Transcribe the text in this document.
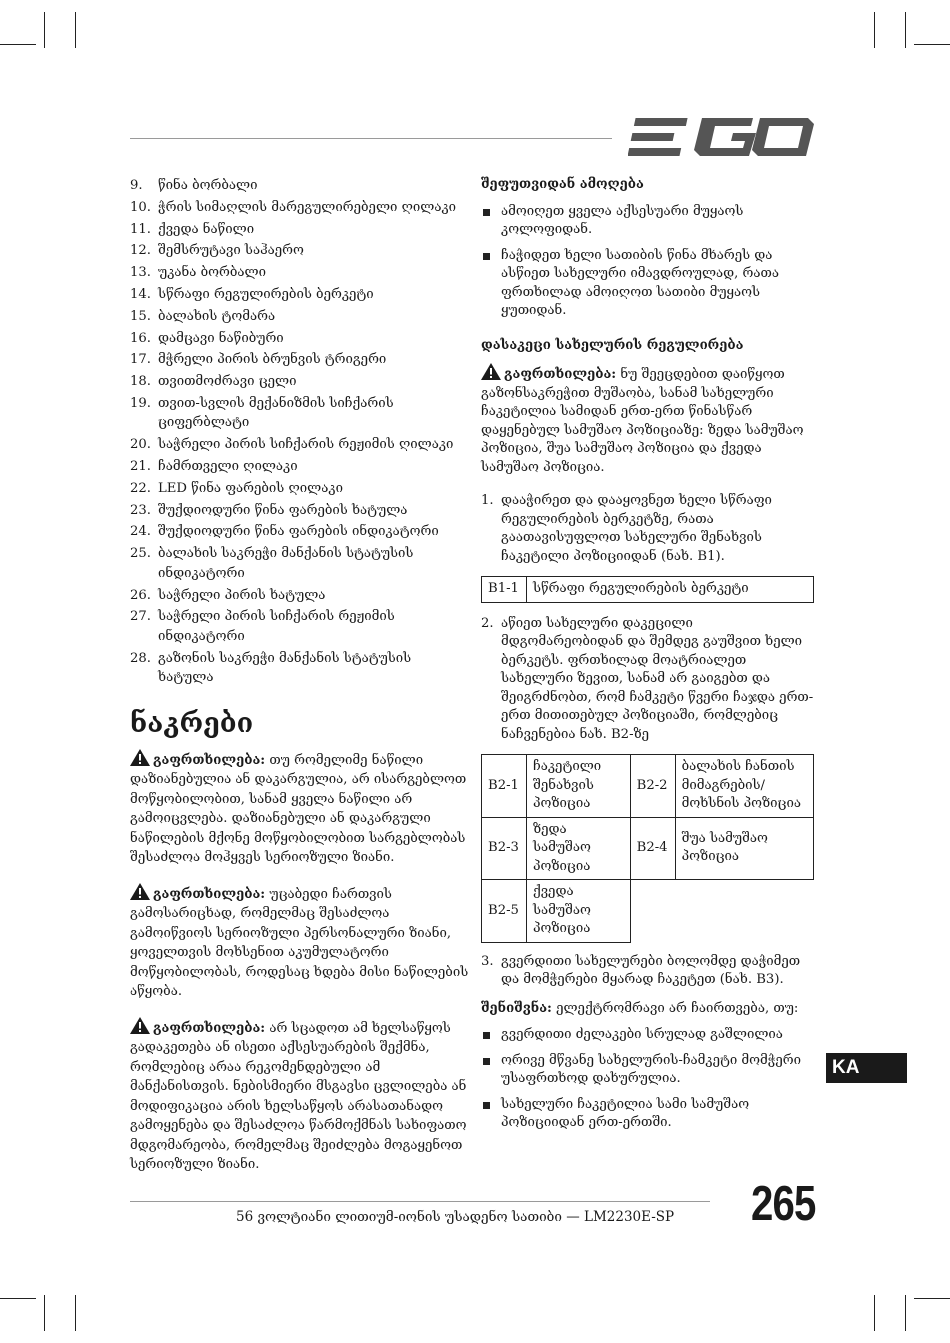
9.	წინა ბორბალი
10. ჭრის სიმაღლის მარეგულირებელი ღილაკი
11. ქვედა ნაწილი
12. შემსრუტავი საჰაერო
13. უკანა ბორბალი
14. სწრაფი რეგულირების ბერკეტი
15. ბალახის ტომარა
16. დამცავი ნაწიბური
17. მჭრელი პირის ბრუნვის ტრიგერი
18. თვითმოძრავი ცელი
19. თვით-სვლის მექანიზმის სიჩქარის ციფერბლატი
20. საჭრელი პირის სიჩქარის რეჟიმის ღილაკი
21. ჩამრთველი ღილაკი
22. LED წინა ფარების ღილაკი
23. შუქდიოდური წინა ფარების ხატულა
24. შუქდიოდური წინა ფარების ინდიკატორი
25. ბალახის საკრეჭი მანქანის სტატუსის ინდიკატორი
26. საჭრელი პირის ხატულა
27. საჭრელი პირის სიჩქარის რეჟიმის ინდიკატორი
28. გაზონის საკრეჭი მანქანის სტატუსის ხატულა
ნაკრები
გაფრთხილება: თუ რომელიმე ნაწილი დაზიანებულია ან დაკარგულია, არ ისარგებლოთ მოწყობილობით, სანამ ყველა ნაწილი არ გამოიცვლება. დაზიანებული ან დაკარგული ნაწილების მქონე მოწყობილობით სარგებლობას შესაძლოა მოჰყვეს სერიოზული ზიანი.
გაფრთხილება: უცაბედი ჩართვის გამოსარიცხად, რომელმაც შესაძლოა გამოიწვიოს სერიოზული პერსონალური ზიანი, ყოველთვის მოხსენით აკუმულატორი მოწყობილობას, როდესაც ხდება მისი ნაწილების აწყობა.
გაფრთხილება: არ სცადოთ ამ ხელსაწყოს გადაკეთება ან ისეთი აქსესუარების შექმნა, რომლებიც არაა რეკომენდებული ამ მანქანისთვის. ნებისმიერი მსგავსი ცვლილება ან მოდიფიკაცია არის ხელსაწყოს არასათანადო გამოყენება და შესაძლოა წარმოქმნას სახიფათო მდგომარეობა, რომელმაც შეიძლება მოგაყენოთ სერიოზული ზიანი.
შეფუთვიდან ამოღება
ამოიღეთ ყველა აქსესუარი მუყაოს კოლოფიდან.
ჩაჭიდეთ ხელი სათიბის წინა მხარეს და ასწიეთ სახელური იმავდროულად, რათა ფრთხილად ამოიღოთ სათიბი მუყაოს ყუთიდან.
დასაკეცი სახელურის რეგულირება
გაფრთხილება: ნუ შეეცდებით დაიწყოთ გაზონსაკრეჭით მუშაობა, სანამ სახელური ჩაკეტილია სამიდან ერთ-ერთ წინასწარ დაყენებულ სამუშაო პოზიციაზე: ზედა სამუშაო პოზიცია, შუა სამუშაო პოზიცია და ქვედა სამუშაო პოზიცია.
1. დააჭირეთ და დააყოვნეთ ხელი სწრაფი რეგულირების ბერკეტზე, რათა გაათავისუფლოთ სახელური შენახვის ჩაკეტილი პოზიციიდან (ნახ. B1).
B1-1	სწრაფი რეგულირების ბერკეტი
2. აწიეთ სახელური დაკეცილი მდგომარეობიდან და შემდეგ გაუშვით ხელი ბერკეტს. ფრთხილად მოატრიალეთ სახელური ზევით, სანამ არ გაიგებთ და შეიგრძნობთ, რომ ჩამკეტი წვერი ჩაჯდა ერთ-ერთ მითითებულ პოზიციაში, რომლებიც ნაჩვენებია ნახ. B2-ზე
B2-1	ჩაკეტილი შენახვის პოზიცია	B2-2	ბალახის ჩანთის მიმაგრების/მოხსნის პოზიცია
B2-3	ზედა სამუშაო პოზიცია	B2-4	შუა სამუშაო პოზიცია
B2-5	ქვედა სამუშაო პოზიცია		
3. გვერდითი სახელურები ბოლომდე დაჭიმეთ და მომჭერები მყარად ჩაკეტეთ (ნახ. B3).
შენიშვნა: ელექტრომრავი არ ჩაირთვება, თუ:
გვერდითი ძელაკები სრულად გაშლილია
ორივე მწვანე სახელურის-ჩამკეტი მომჭერი უსაფრთხოდ დახურულია.
სახელური ჩაკეტილია სამი სამუშაო პოზიციიდან ერთ-ერთში.
KA
56 ვოლტიანი ლითიუმ-იონის უსადენო სათიბი — LM2230E-SP 265
